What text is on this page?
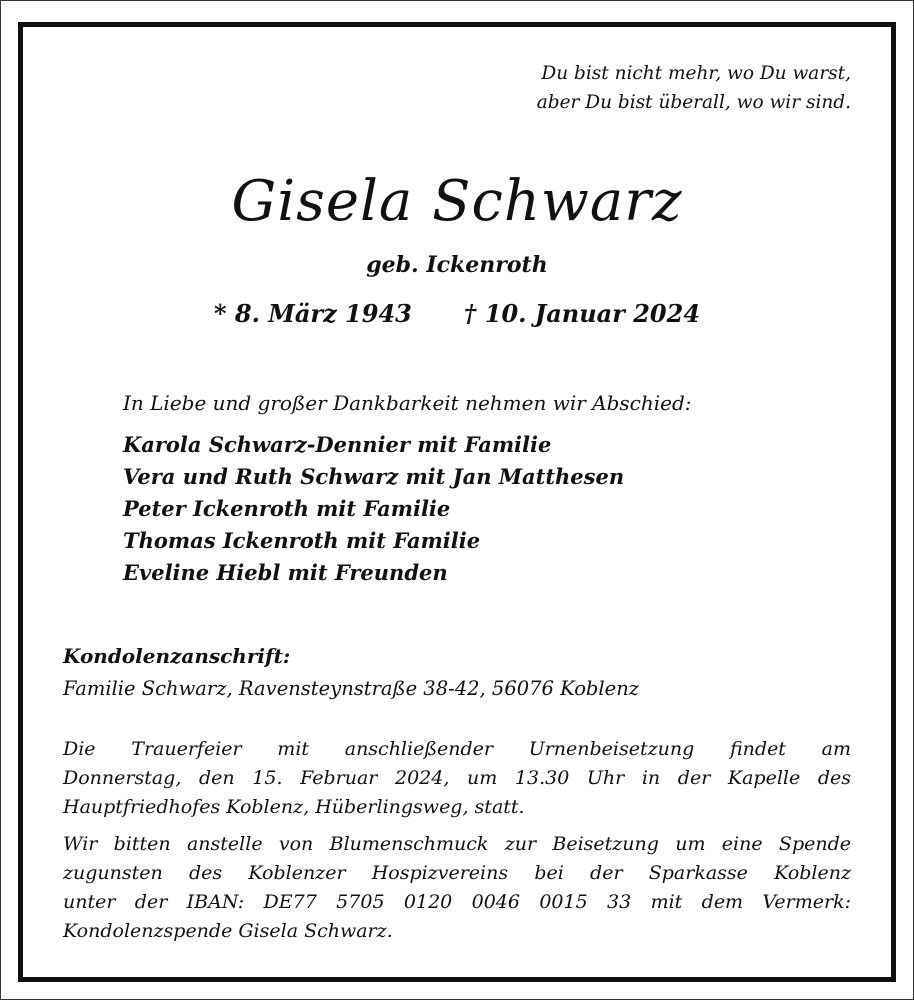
Du bist nicht mehr, wo Du warst,
aber Du bist überall, wo wir sind.
Gisela Schwarz
geb. Ickenroth
* 8. März 1943 † 10. Januar 2024
In Liebe und großer Dankbarkeit nehmen wir Abschied:
Karola Schwarz-Dennier mit Familie
Vera und Ruth Schwarz mit Jan Matthesen
Peter Ickenroth mit Familie
Thomas Ickenroth mit Familie
Eveline Hiebl mit Freunden
Kondolenzanschrift:
Familie Schwarz, Ravensteynstraße 38-42, 56076 Koblenz
Die Trauerfeier mit anschließender Urnenbeisetzung findet am
Donnerstag, den 15. Februar 2024, um 13.30 Uhr in der Kapelle des
Hauptfriedhofes Koblenz, Hüberlingsweg, statt.
Wir bitten anstelle von Blumenschmuck zur Beisetzung um eine Spende
zugunsten des Koblenzer Hospizvereins bei der Sparkasse Koblenz
unter der IBAN: DE77 5705 0120 0046 0015 33 mit dem Vermerk:
Kondolenzspende Gisela Schwarz.
